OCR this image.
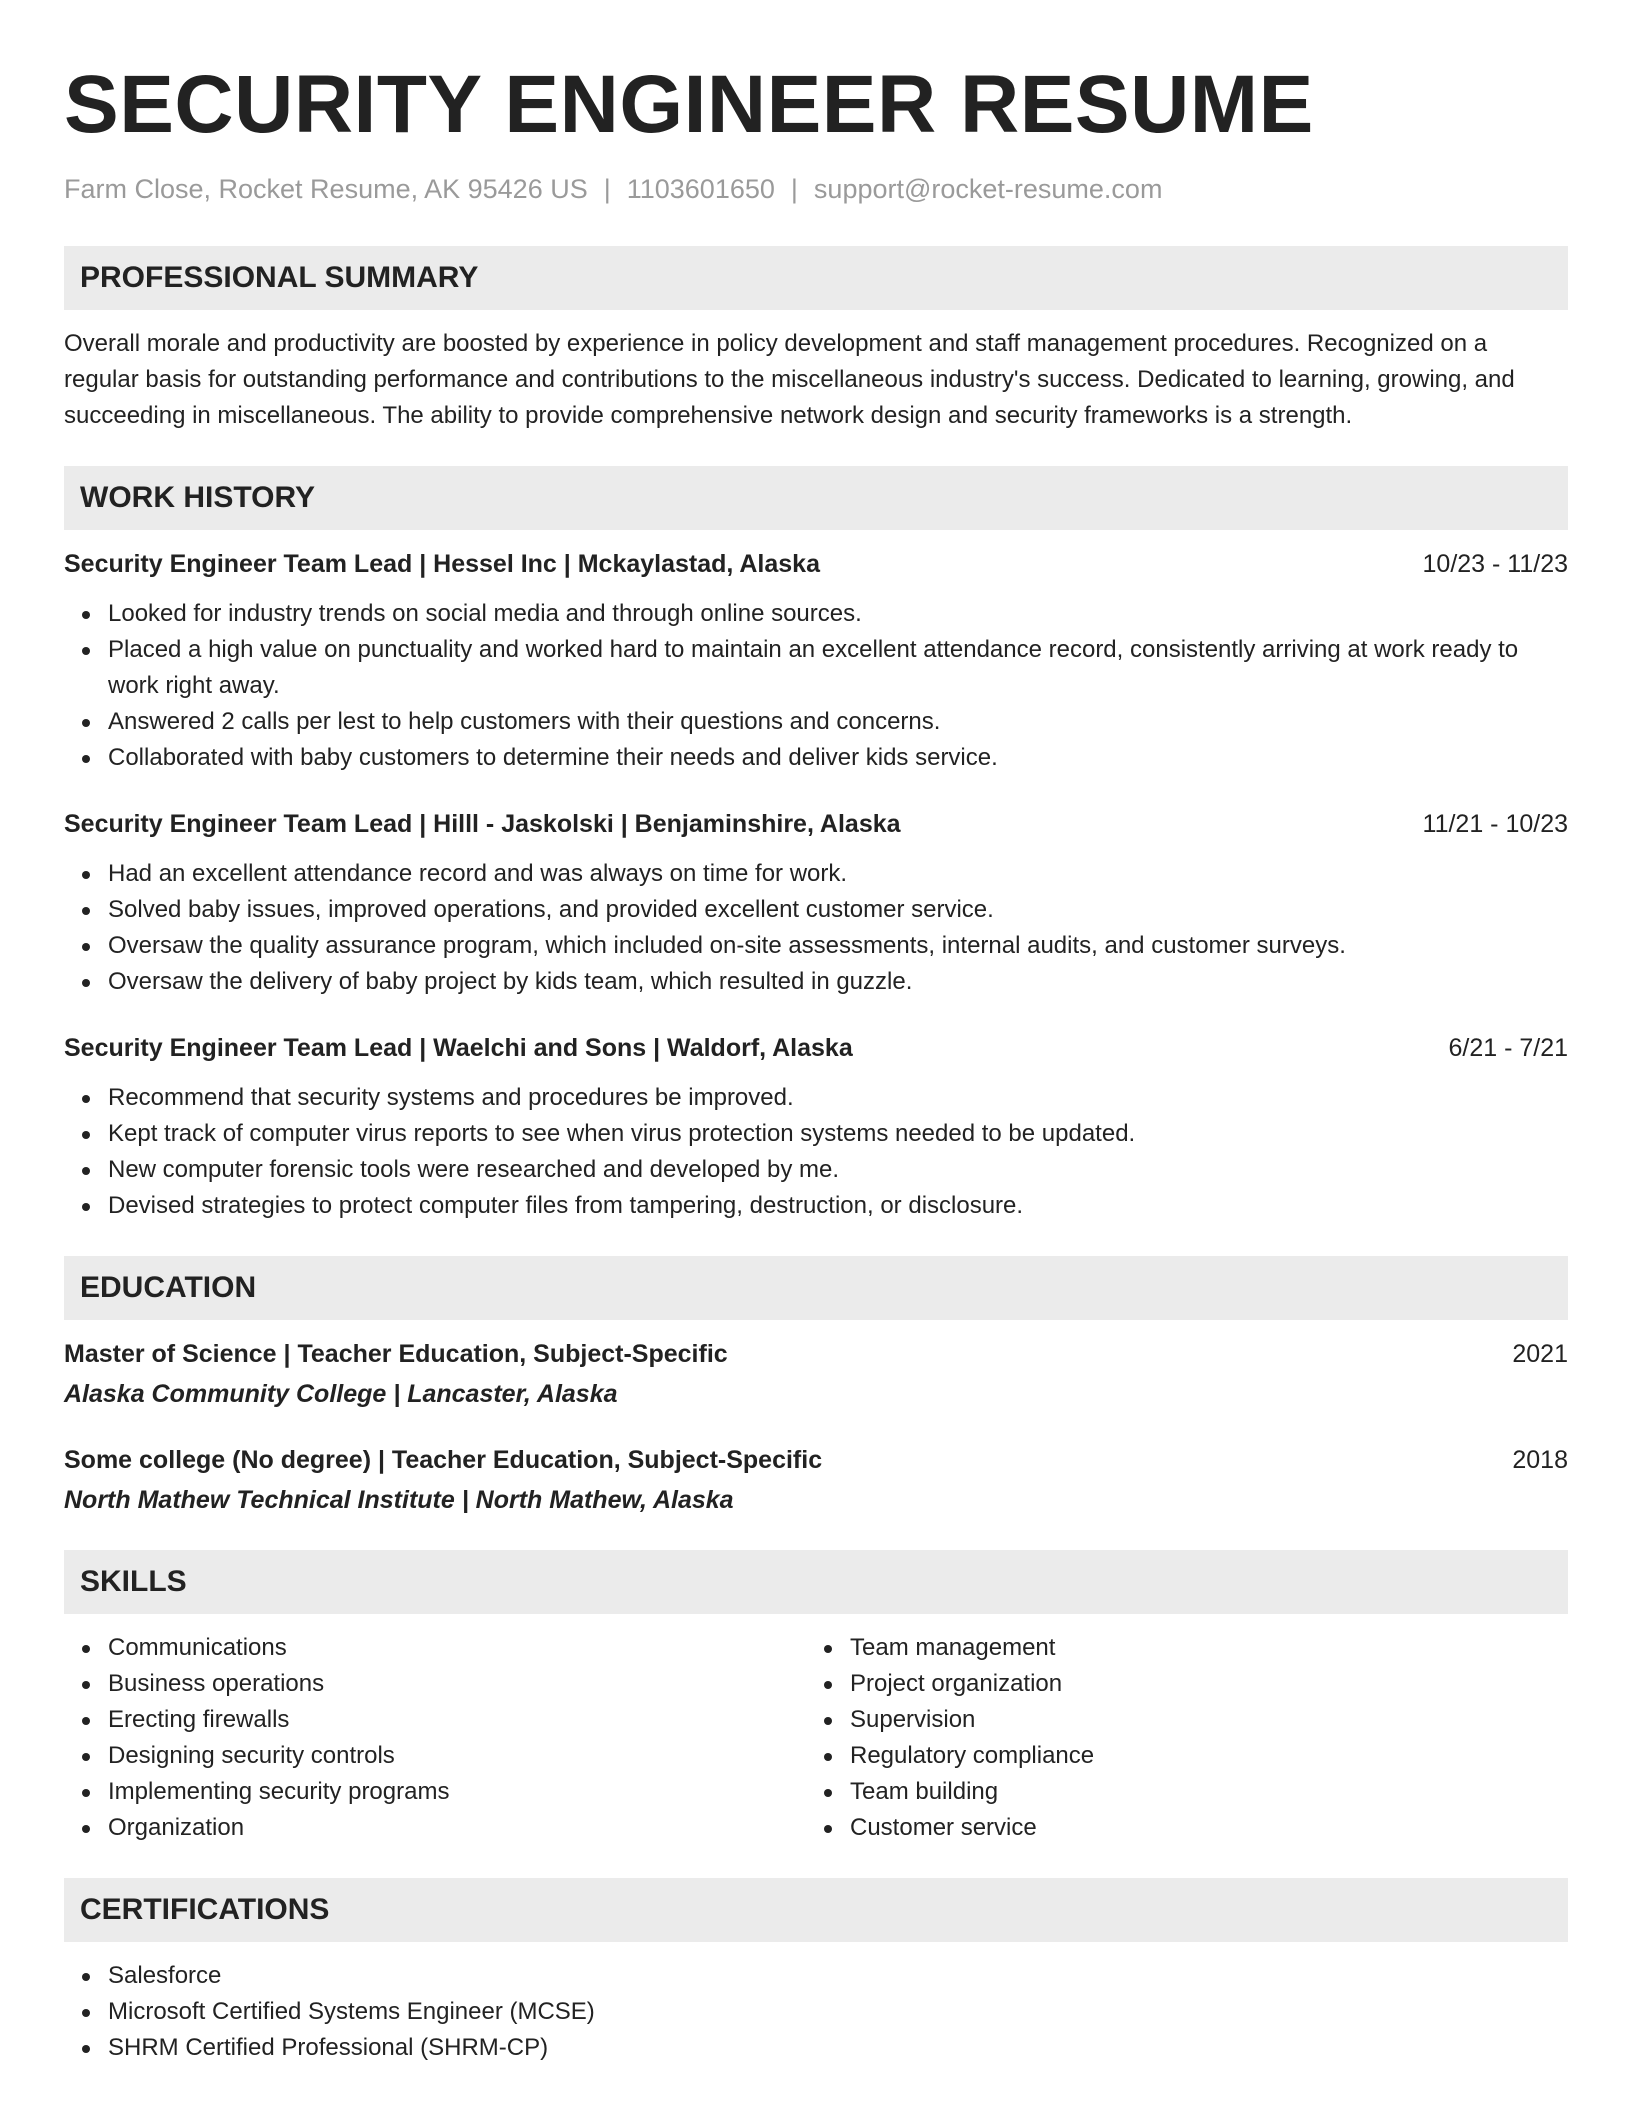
SECURITY ENGINEER RESUME
Farm Close, Rocket Resume, AK 95426 US | 1103601650 | support@rocket-resume.com
PROFESSIONAL SUMMARY

Overall morale and productivity are boosted by experience in policy development and staff management procedures. Recognized on a regular basis for outstanding performance and contributions to the miscellaneous industry's success. Dedicated to learning, growing, and succeeding in miscellaneous. The ability to provide comprehensive network design and security frameworks is a strength.

WORK HISTORY
Security Engineer Team Lead | Hessel Inc | Mckaylastad, Alaska	10/23 - 11/23
Looked for industry trends on social media and through online sources.
Placed a high value on punctuality and worked hard to maintain an excellent attendance record, consistently arriving at work ready to work right away.
Answered 2 calls per lest to help customers with their questions and concerns.
Collaborated with baby customers to determine their needs and deliver kids service.
Security Engineer Team Lead | Hilll - Jaskolski | Benjaminshire, Alaska	11/21 - 10/23
Had an excellent attendance record and was always on time for work.
Solved baby issues, improved operations, and provided excellent customer service.
Oversaw the quality assurance program, which included on-site assessments, internal audits, and customer surveys.
Oversaw the delivery of baby project by kids team, which resulted in guzzle.
Security Engineer Team Lead | Waelchi and Sons | Waldorf, Alaska	6/21 - 7/21
Recommend that security systems and procedures be improved.
Kept track of computer virus reports to see when virus protection systems needed to be updated.
New computer forensic tools were researched and developed by me.
Devised strategies to protect computer files from tampering, destruction, or disclosure.
EDUCATION
Master of Science | Teacher Education, Subject-Specific	2021
Alaska Community College | Lancaster, Alaska
Some college (No degree) | Teacher Education, Subject-Specific	2018
North Mathew Technical Institute | North Mathew, Alaska
SKILLS
Communications
Business operations
Erecting firewalls
Designing security controls
Implementing security programs
Organization
Team management
Project organization
Supervision
Regulatory compliance
Team building
Customer service
CERTIFICATIONS
Salesforce
Microsoft Certified Systems Engineer (MCSE)
SHRM Certified Professional (SHRM-CP)
